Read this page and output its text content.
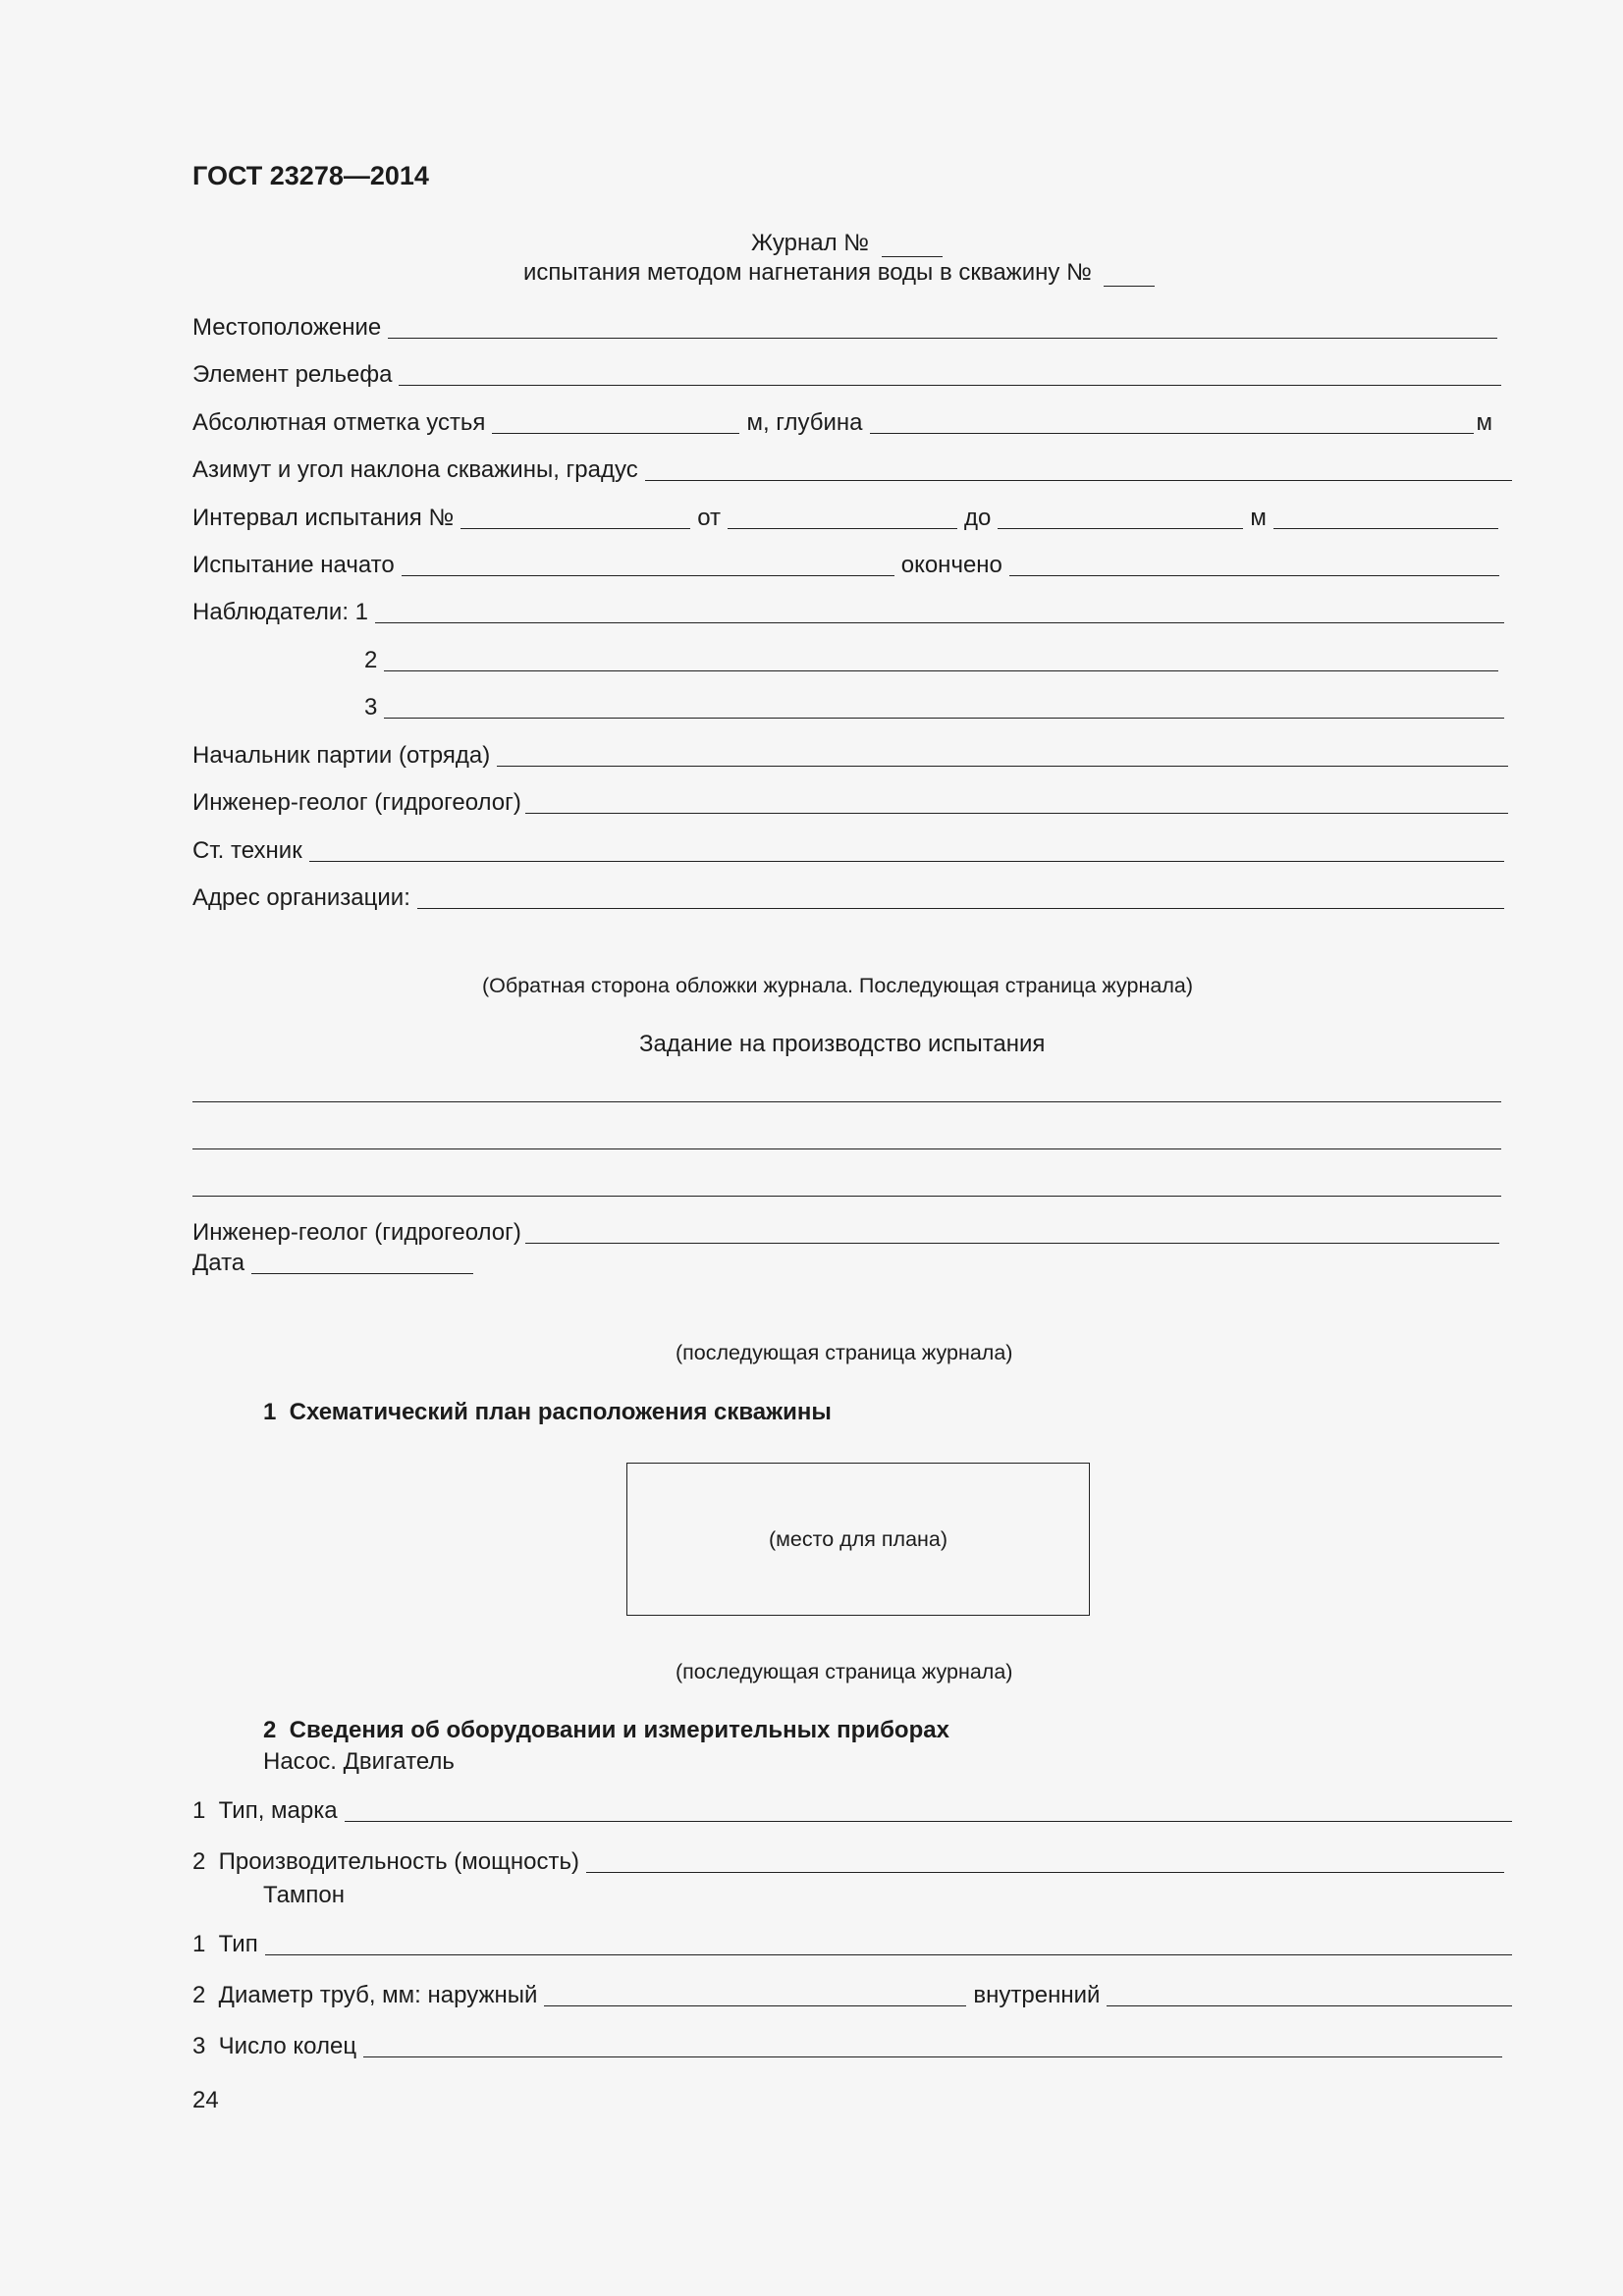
ГОСТ 23278—2014
Журнал №
испытания методом нагнетания воды в скважину №
Местоположение
Элемент рельефа
Абсолютная отметка устья	м, глубина	м
Азимут и угол наклона скважины, градус
Интервал испытания №	от	до	м
Испытание начато	окончено
Наблюдатели: 1
2
3
Начальник партии (отряда)
Инженер-геолог (гидрогеолог)
Ст. техник
Адрес организации:
(Обратная сторона обложки журнала. Последующая страница журнала)
Задание на производство испытания
Инженер-геолог (гидрогеолог)
Дата
(последующая страница журнала)
1  Схематический план расположения скважины
(место для плана)
(последующая страница журнала)
2  Сведения об оборудовании и измерительных приборах
Насос. Двигатель
1  Тип, марка
2  Производительность (мощность)
Тампон
1  Тип
2  Диаметр труб, мм: наружный	внутренний
3  Число колец
24
